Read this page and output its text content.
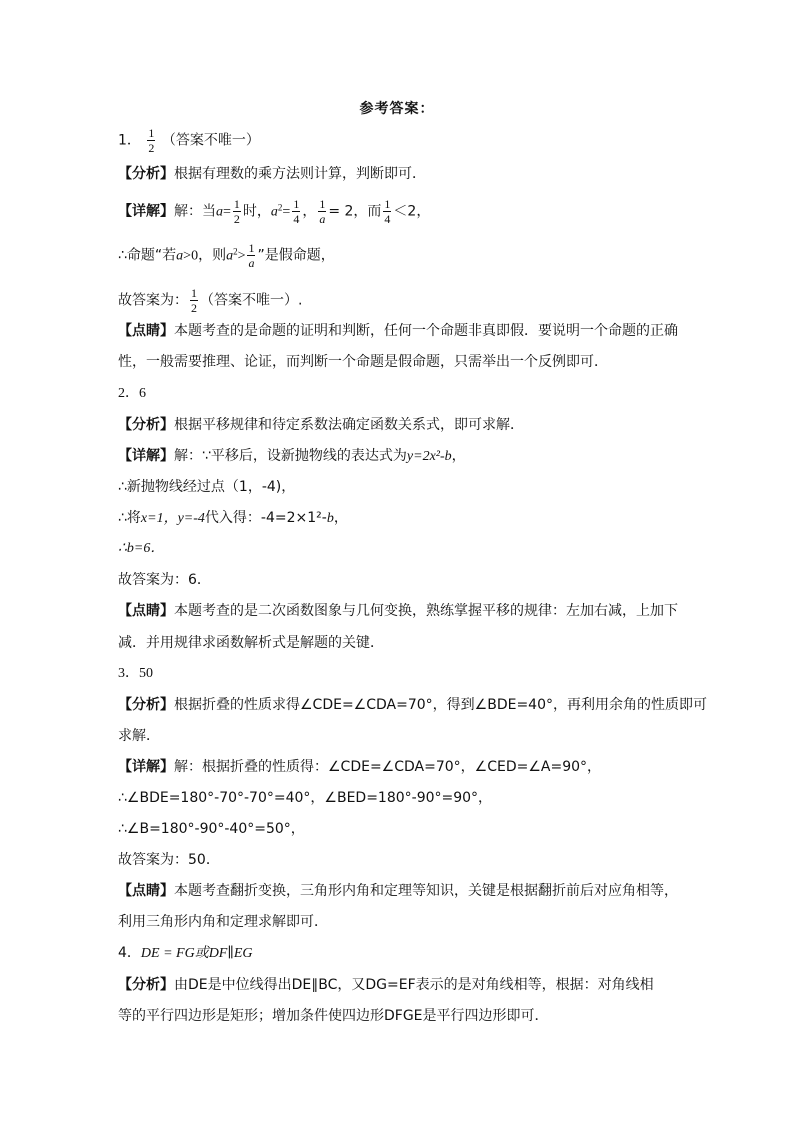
参考答案：
1． $\frac{1}{2}$ （答案不唯一）
【分析】根据有理数的乘方法则计算，判断即可．
【详解】解：当$a= \frac{1}{2}$ 时，$a^2= \frac{1}{4}$ ， $\frac{1}{a} = 2$，而 $\frac{1}{4} <2$，
∴命题“若a>0，则$a^2> \frac{1}{a}$ ”是假命题，
故答案为： $\frac{1}{2}$ （答案不唯一）.
【点睛】本题考查的是命题的证明和判断，任何一个命题非真即假．要说明一个命题的正确
性，一般需要推理、论证，而判断一个命题是假命题，只需举出一个反例即可．
2．6
【分析】根据平移规律和待定系数法确定函数关系式，即可求解．
【详解】解：∵平移后，设新抛物线的表达式为y=2x²-b，
∴新抛物线经过点（1，-4)，
∴将x=1，y=-4代入得：-4=2×1²-b，
∴b=6．
故答案为：6．
【点睛】本题考查的是二次函数图象与几何变换，熟练掌握平移的规律：左加右减，上加下
减．并用规律求函数解析式是解题的关键．
3．50
【分析】根据折叠的性质求得∠CDE=∠CDA=70°，得到∠BDE=40°，再利用余角的性质即可
求解．
【详解】解：根据折叠的性质得：∠CDE=∠CDA=70°，∠CED=∠A=90°，
∴∠BDE=180°-70°-70°=40°，∠BED=180°-90°=90°，
∴∠B=180°-90°-40°=50°，
故答案为：50．
【点睛】本题考查翻折变换，三角形内角和定理等知识，关键是根据翻折前后对应角相等，
利用三角形内角和定理求解即可．
4．DE = FG或DF∥EG
【分析】由DE是中位线得出DE∥BC，又DG=EF表示的是对角线相等，根据：对角线相
等的平行四边形是矩形；增加条件使四边形DFGE是平行四边形即可．
